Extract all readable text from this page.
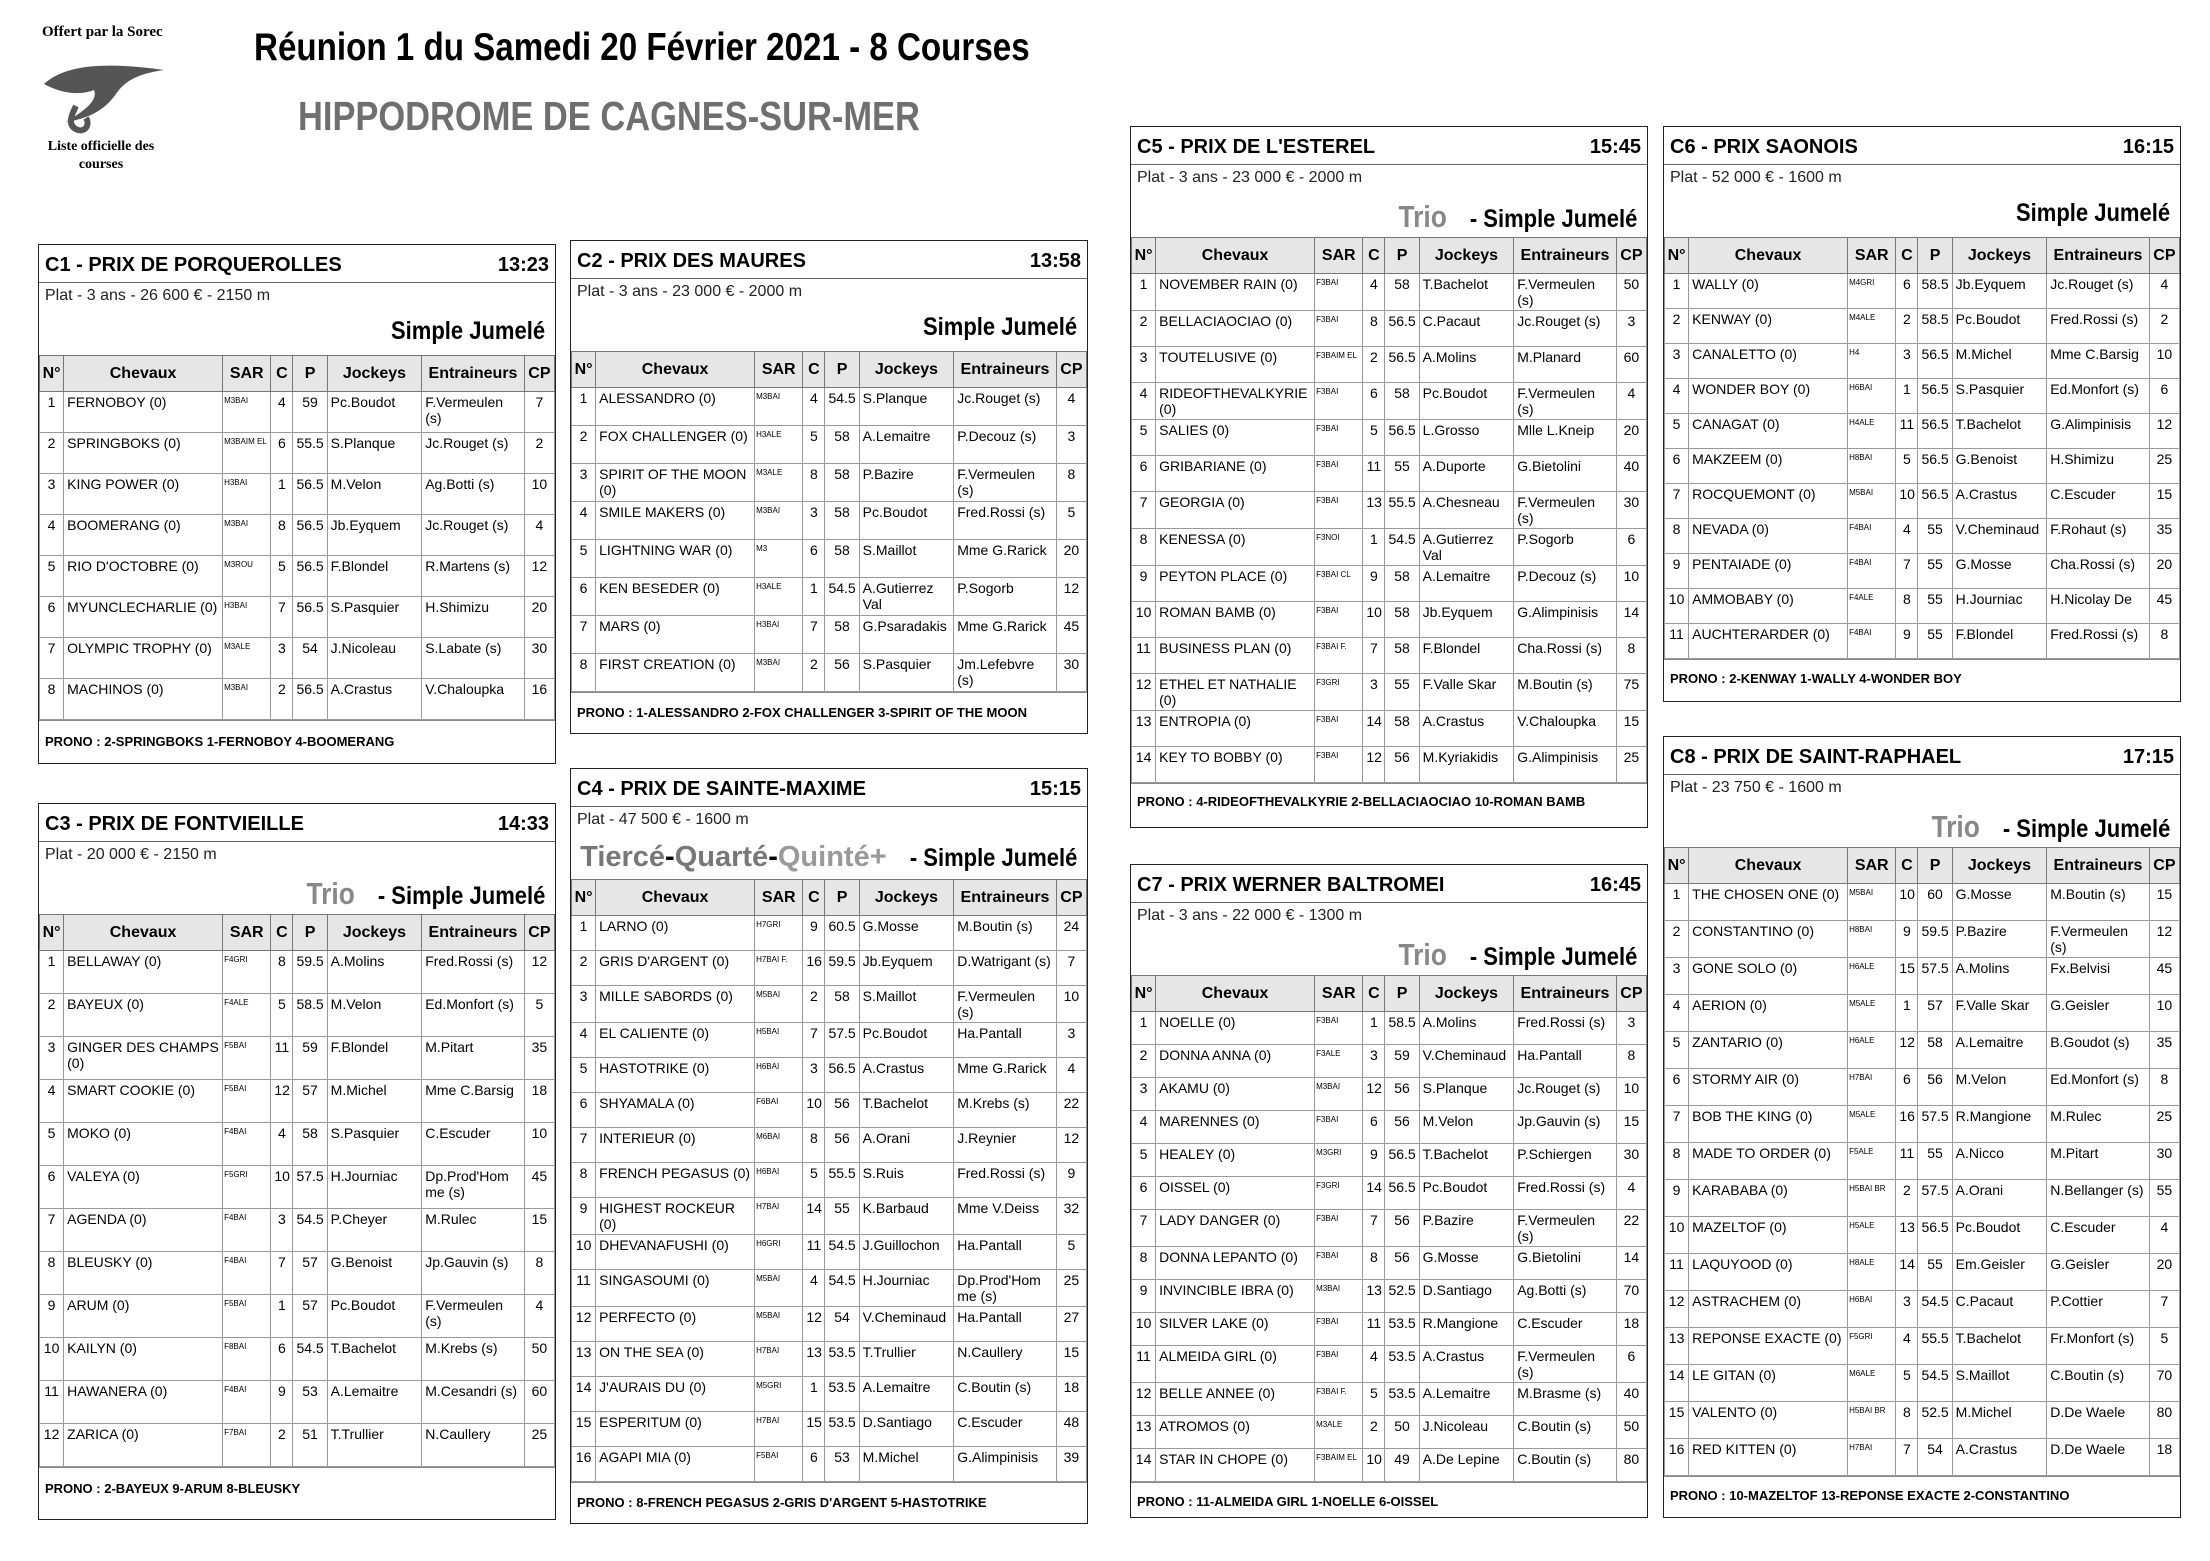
Offert par la Sorec
Liste officielle des courses
Réunion 1 du Samedi 20 Février 2021 - 8 Courses
HIPPODROME DE CAGNES-SUR-MER
C1 - PRIX DE PORQUEROLLES	13:23
Plat - 3 ans - 26 600 € - 2150 m
Simple Jumelé
N°	Chevaux	SAR	C	P	Jockeys	Entraineurs	CP
1	FERNOBOY (0)	M3BAI	4	59	Pc.Boudot	F.Vermeulen (s)	7
2	SPRINGBOKS (0)	M3BAIM EL	6	55.5	S.Planque	Jc.Rouget (s)	2
3	KING POWER (0)	H3BAI	1	56.5	M.Velon	Ag.Botti (s)	10
4	BOOMERANG (0)	M3BAI	8	56.5	Jb.Eyquem	Jc.Rouget (s)	4
5	RIO D'OCTOBRE (0)	M3ROU	5	56.5	F.Blondel	R.Martens (s)	12
6	MYUNCLECHARLIE (0)	H3BAI	7	56.5	S.Pasquier	H.Shimizu	20
7	OLYMPIC TROPHY (0)	M3ALE	3	54	J.Nicoleau	S.Labate (s)	30
8	MACHINOS (0)	M3BAI	2	56.5	A.Crastus	V.Chaloupka	16
PRONO : 2-SPRINGBOKS 1-FERNOBOY 4-BOOMERANG
C2 - PRIX DES MAURES	13:58
Plat - 3 ans - 23 000 € - 2000 m
Simple Jumelé
N°	Chevaux	SAR	C	P	Jockeys	Entraineurs	CP
1	ALESSANDRO (0)	M3BAI	4	54.5	S.Planque	Jc.Rouget (s)	4
2	FOX CHALLENGER (0)	H3ALE	5	58	A.Lemaitre	P.Decouz (s)	3
3	SPIRIT OF THE MOON (0)	M3ALE	8	58	P.Bazire	F.Vermeulen (s)	8
4	SMILE MAKERS (0)	M3BAI	3	58	Pc.Boudot	Fred.Rossi (s)	5
5	LIGHTNING WAR (0)	M3	6	58	S.Maillot	Mme G.Rarick	20
6	KEN BESEDER (0)	H3ALE	1	54.5	A.Gutierrez Val	P.Sogorb	12
7	MARS (0)	H3BAI	7	58	G.Psaradakis	Mme G.Rarick	45
8	FIRST CREATION (0)	M3BAI	2	56	S.Pasquier	Jm.Lefebvre (s)	30
PRONO : 1-ALESSANDRO 2-FOX CHALLENGER 3-SPIRIT OF THE MOON
C3 - PRIX DE FONTVIEILLE	14:33
Plat - 20 000 € - 2150 m
Trio- Simple Jumelé
N°	Chevaux	SAR	C	P	Jockeys	Entraineurs	CP
1	BELLAWAY (0)	F4GRI	8	59.5	A.Molins	Fred.Rossi (s)	12
2	BAYEUX (0)	F4ALE	5	58.5	M.Velon	Ed.Monfort (s)	5
3	GINGER DES CHAMPS (0)	F5BAI	11	59	F.Blondel	M.Pitart	35
4	SMART COOKIE (0)	F5BAI	12	57	M.Michel	Mme C.Barsig	18
5	MOKO (0)	F4BAI	4	58	S.Pasquier	C.Escuder	10
6	VALEYA (0)	F5GRI	10	57.5	H.Journiac	Dp.Prod'Hom me (s)	45
7	AGENDA (0)	F4BAI	3	54.5	P.Cheyer	M.Rulec	15
8	BLEUSKY (0)	F4BAI	7	57	G.Benoist	Jp.Gauvin (s)	8
9	ARUM (0)	F5BAI	1	57	Pc.Boudot	F.Vermeulen (s)	4
10	KAILYN (0)	F8BAI	6	54.5	T.Bachelot	M.Krebs (s)	50
11	HAWANERA (0)	F4BAI	9	53	A.Lemaitre	M.Cesandri (s)	60
12	ZARICA (0)	F7BAI	2	51	T.Trullier	N.Caullery	25
PRONO : 2-BAYEUX 9-ARUM 8-BLEUSKY
C4 - PRIX DE SAINTE-MAXIME	15:15
Plat - 47 500 € - 1600 m
Tiercé-Quarté-Quinté+- Simple Jumelé
N°	Chevaux	SAR	C	P	Jockeys	Entraineurs	CP
1	LARNO (0)	H7GRI	9	60.5	G.Mosse	M.Boutin (s)	24
2	GRIS D'ARGENT (0)	H7BAI F.	16	59.5	Jb.Eyquem	D.Watrigant (s)	7
3	MILLE SABORDS (0)	M5BAI	2	58	S.Maillot	F.Vermeulen (s)	10
4	EL CALIENTE (0)	H5BAI	7	57.5	Pc.Boudot	Ha.Pantall	3
5	HASTOTRIKE (0)	H6BAI	3	56.5	A.Crastus	Mme G.Rarick	4
6	SHYAMALA (0)	F6BAI	10	56	T.Bachelot	M.Krebs (s)	22
7	INTERIEUR (0)	M6BAI	8	56	A.Orani	J.Reynier	12
8	FRENCH PEGASUS (0)	H6BAI	5	55.5	S.Ruis	Fred.Rossi (s)	9
9	HIGHEST ROCKEUR (0)	H7BAI	14	55	K.Barbaud	Mme V.Deiss	32
10	DHEVANAFUSHI (0)	H6GRI	11	54.5	J.Guillochon	Ha.Pantall	5
11	SINGASOUMI (0)	M5BAI	4	54.5	H.Journiac	Dp.Prod'Hom me (s)	25
12	PERFECTO (0)	M5BAI	12	54	V.Cheminaud	Ha.Pantall	27
13	ON THE SEA (0)	H7BAI	13	53.5	T.Trullier	N.Caullery	15
14	J'AURAIS DU (0)	M5GRI	1	53.5	A.Lemaitre	C.Boutin (s)	18
15	ESPERITUM (0)	H7BAI	15	53.5	D.Santiago	C.Escuder	48
16	AGAPI MIA (0)	F5BAI	6	53	M.Michel	G.Alimpinisis	39
PRONO : 8-FRENCH PEGASUS 2-GRIS D'ARGENT 5-HASTOTRIKE
C5 - PRIX DE L'ESTEREL	15:45
Plat - 3 ans - 23 000 € - 2000 m
Trio- Simple Jumelé
N°	Chevaux	SAR	C	P	Jockeys	Entraineurs	CP
1	NOVEMBER RAIN (0)	F3BAI	4	58	T.Bachelot	F.Vermeulen (s)	50
2	BELLACIAOCIAO (0)	F3BAI	8	56.5	C.Pacaut	Jc.Rouget (s)	3
3	TOUTELUSIVE (0)	F3BAIM EL	2	56.5	A.Molins	M.Planard	60
4	RIDEOFTHEVALKYRIE (0)	F3BAI	6	58	Pc.Boudot	F.Vermeulen (s)	4
5	SALIES (0)	F3BAI	5	56.5	L.Grosso	Mlle L.Kneip	20
6	GRIBARIANE (0)	F3BAI	11	55	A.Duporte	G.Bietolini	40
7	GEORGIA (0)	F3BAI	13	55.5	A.Chesneau	F.Vermeulen (s)	30
8	KENESSA (0)	F3NOI	1	54.5	A.Gutierrez Val	P.Sogorb	6
9	PEYTON PLACE (0)	F3BAI CL	9	58	A.Lemaitre	P.Decouz (s)	10
10	ROMAN BAMB (0)	F3BAI	10	58	Jb.Eyquem	G.Alimpinisis	14
11	BUSINESS PLAN (0)	F3BAI F.	7	58	F.Blondel	Cha.Rossi (s)	8
12	ETHEL ET NATHALIE (0)	F3GRI	3	55	F.Valle Skar	M.Boutin (s)	75
13	ENTROPIA (0)	F3BAI	14	58	A.Crastus	V.Chaloupka	15
14	KEY TO BOBBY (0)	F3BAI	12	56	M.Kyriakidis	G.Alimpinisis	25
PRONO : 4-RIDEOFTHEVALKYRIE 2-BELLACIAOCIAO 10-ROMAN BAMB
C6 - PRIX SAONOIS	16:15
Plat - 52 000 € - 1600 m
Simple Jumelé
N°	Chevaux	SAR	C	P	Jockeys	Entraineurs	CP
1	WALLY (0)	M4GRI	6	58.5	Jb.Eyquem	Jc.Rouget (s)	4
2	KENWAY (0)	M4ALE	2	58.5	Pc.Boudot	Fred.Rossi (s)	2
3	CANALETTO (0)	H4	3	56.5	M.Michel	Mme C.Barsig	10
4	WONDER BOY (0)	H6BAI	1	56.5	S.Pasquier	Ed.Monfort (s)	6
5	CANAGAT (0)	H4ALE	11	56.5	T.Bachelot	G.Alimpinisis	12
6	MAKZEEM (0)	H8BAI	5	56.5	G.Benoist	H.Shimizu	25
7	ROCQUEMONT (0)	M5BAI	10	56.5	A.Crastus	C.Escuder	15
8	NEVADA (0)	F4BAI	4	55	V.Cheminaud	F.Rohaut (s)	35
9	PENTAIADE (0)	F4BAI	7	55	G.Mosse	Cha.Rossi (s)	20
10	AMMOBABY (0)	F4ALE	8	55	H.Journiac	H.Nicolay De	45
11	AUCHTERARDER (0)	F4BAI	9	55	F.Blondel	Fred.Rossi (s)	8
PRONO : 2-KENWAY 1-WALLY 4-WONDER BOY
C7 - PRIX WERNER BALTROMEI	16:45
Plat - 3 ans - 22 000 € - 1300 m
Trio- Simple Jumelé
N°	Chevaux	SAR	C	P	Jockeys	Entraineurs	CP
1	NOELLE (0)	F3BAI	1	58.5	A.Molins	Fred.Rossi (s)	3
2	DONNA ANNA (0)	F3ALE	3	59	V.Cheminaud	Ha.Pantall	8
3	AKAMU (0)	M3BAI	12	56	S.Planque	Jc.Rouget (s)	10
4	MARENNES (0)	F3BAI	6	56	M.Velon	Jp.Gauvin (s)	15
5	HEALEY (0)	M3GRI	9	56.5	T.Bachelot	P.Schiergen	30
6	OISSEL (0)	F3GRI	14	56.5	Pc.Boudot	Fred.Rossi (s)	4
7	LADY DANGER (0)	F3BAI	7	56	P.Bazire	F.Vermeulen (s)	22
8	DONNA LEPANTO (0)	F3BAI	8	56	G.Mosse	G.Bietolini	14
9	INVINCIBLE IBRA (0)	M3BAI	13	52.5	D.Santiago	Ag.Botti (s)	70
10	SILVER LAKE (0)	F3BAI	11	53.5	R.Mangione	C.Escuder	18
11	ALMEIDA GIRL (0)	F3BAI	4	53.5	A.Crastus	F.Vermeulen (s)	6
12	BELLE ANNEE (0)	F3BAI F.	5	53.5	A.Lemaitre	M.Brasme (s)	40
13	ATROMOS (0)	M3ALE	2	50	J.Nicoleau	C.Boutin (s)	50
14	STAR IN CHOPE (0)	F3BAIM EL	10	49	A.De Lepine	C.Boutin (s)	80
PRONO : 11-ALMEIDA GIRL 1-NOELLE 6-OISSEL
C8 - PRIX DE SAINT-RAPHAEL	17:15
Plat - 23 750 € - 1600 m
Trio- Simple Jumelé
N°	Chevaux	SAR	C	P	Jockeys	Entraineurs	CP
1	THE CHOSEN ONE (0)	M5BAI	10	60	G.Mosse	M.Boutin (s)	15
2	CONSTANTINO (0)	H8BAI	9	59.5	P.Bazire	F.Vermeulen (s)	12
3	GONE SOLO (0)	H6ALE	15	57.5	A.Molins	Fx.Belvisi	45
4	AERION (0)	M5ALE	1	57	F.Valle Skar	G.Geisler	10
5	ZANTARIO (0)	H6ALE	12	58	A.Lemaitre	B.Goudot (s)	35
6	STORMY AIR (0)	H7BAI	6	56	M.Velon	Ed.Monfort (s)	8
7	BOB THE KING (0)	M5ALE	16	57.5	R.Mangione	M.Rulec	25
8	MADE TO ORDER (0)	F5ALE	11	55	A.Nicco	M.Pitart	30
9	KARABABA (0)	H5BAI BR	2	57.5	A.Orani	N.Bellanger (s)	55
10	MAZELTOF (0)	H5ALE	13	56.5	Pc.Boudot	C.Escuder	4
11	LAQUYOOD (0)	H8ALE	14	55	Em.Geisler	G.Geisler	20
12	ASTRACHEM (0)	H6BAI	3	54.5	C.Pacaut	P.Cottier	7
13	REPONSE EXACTE (0)	F5GRI	4	55.5	T.Bachelot	Fr.Monfort (s)	5
14	LE GITAN (0)	M6ALE	5	54.5	S.Maillot	C.Boutin (s)	70
15	VALENTO (0)	H5BAI BR	8	52.5	M.Michel	D.De Waele	80
16	RED KITTEN (0)	H7BAI	7	54	A.Crastus	D.De Waele	18
PRONO : 10-MAZELTOF 13-REPONSE EXACTE 2-CONSTANTINO
